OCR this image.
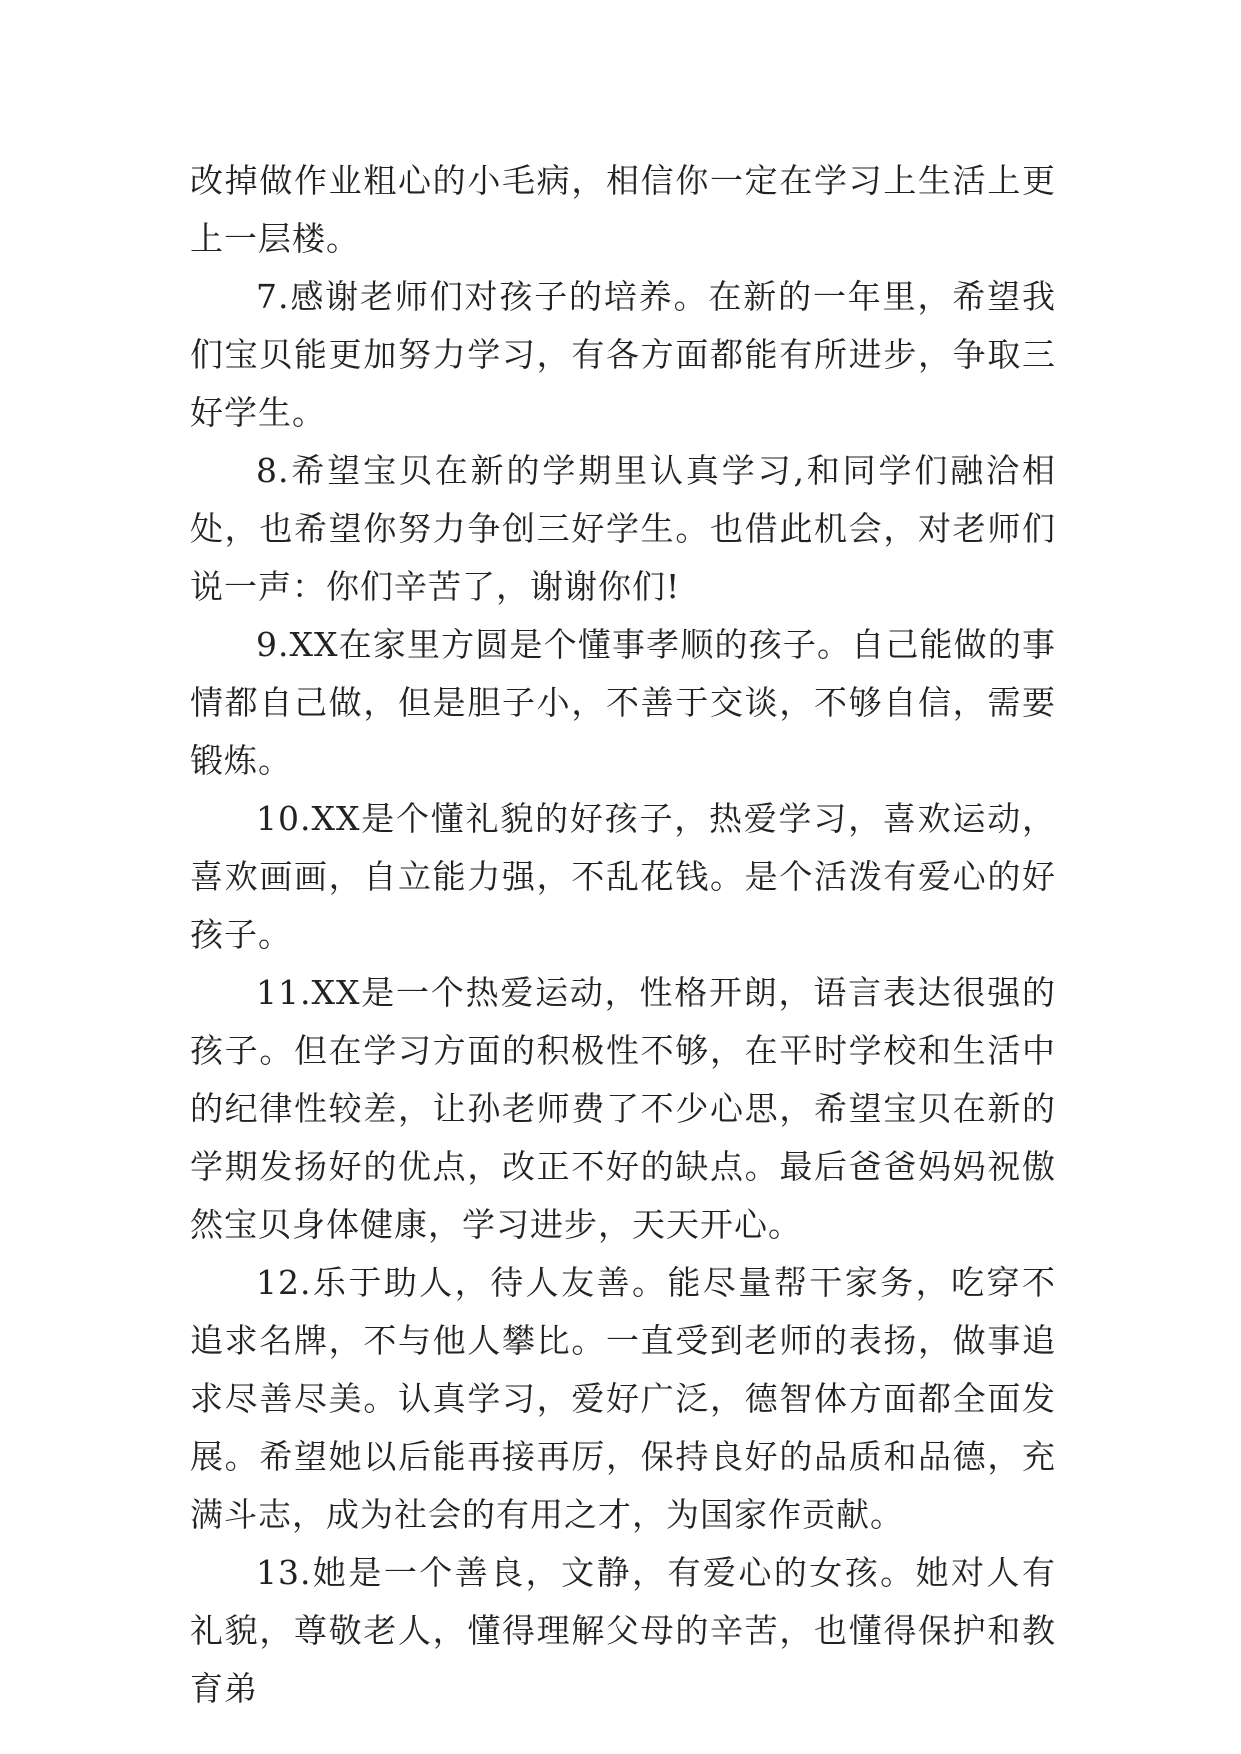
改掉做作业粗心的小毛病，相信你一定在学习上生活上更上一层楼。

7.感谢老师们对孩子的培养。在新的一年里，希望我们宝贝能更加努力学习，有各方面都能有所进步，争取三好学生。

8.希望宝贝在新的学期里认真学习,和同学们融洽相处，也希望你努力争创三好学生。也借此机会，对老师们说一声：你们辛苦了，谢谢你们!

9.XX在家里方圆是个懂事孝顺的孩子。自己能做的事情都自己做，但是胆子小，不善于交谈，不够自信，需要锻炼。

10.XX是个懂礼貌的好孩子，热爱学习，喜欢运动，喜欢画画，自立能力强，不乱花钱。是个活泼有爱心的好孩子。

11.XX是一个热爱运动，性格开朗，语言表达很强的孩子。但在学习方面的积极性不够，在平时学校和生活中的纪律性较差，让孙老师费了不少心思，希望宝贝在新的学期发扬好的优点，改正不好的缺点。最后爸爸妈妈祝傲然宝贝身体健康，学习进步，天天开心。

12.乐于助人，待人友善。能尽量帮干家务，吃穿不追求名牌，不与他人攀比。一直受到老师的表扬，做事追求尽善尽美。认真学习，爱好广泛，德智体方面都全面发展。希望她以后能再接再厉，保持良好的品质和品德，充满斗志，成为社会的有用之才，为国家作贡献。

13.她是一个善良，文静，有爱心的女孩。她对人有礼貌，尊敬老人，懂得理解父母的辛苦，也懂得保护和教育弟
